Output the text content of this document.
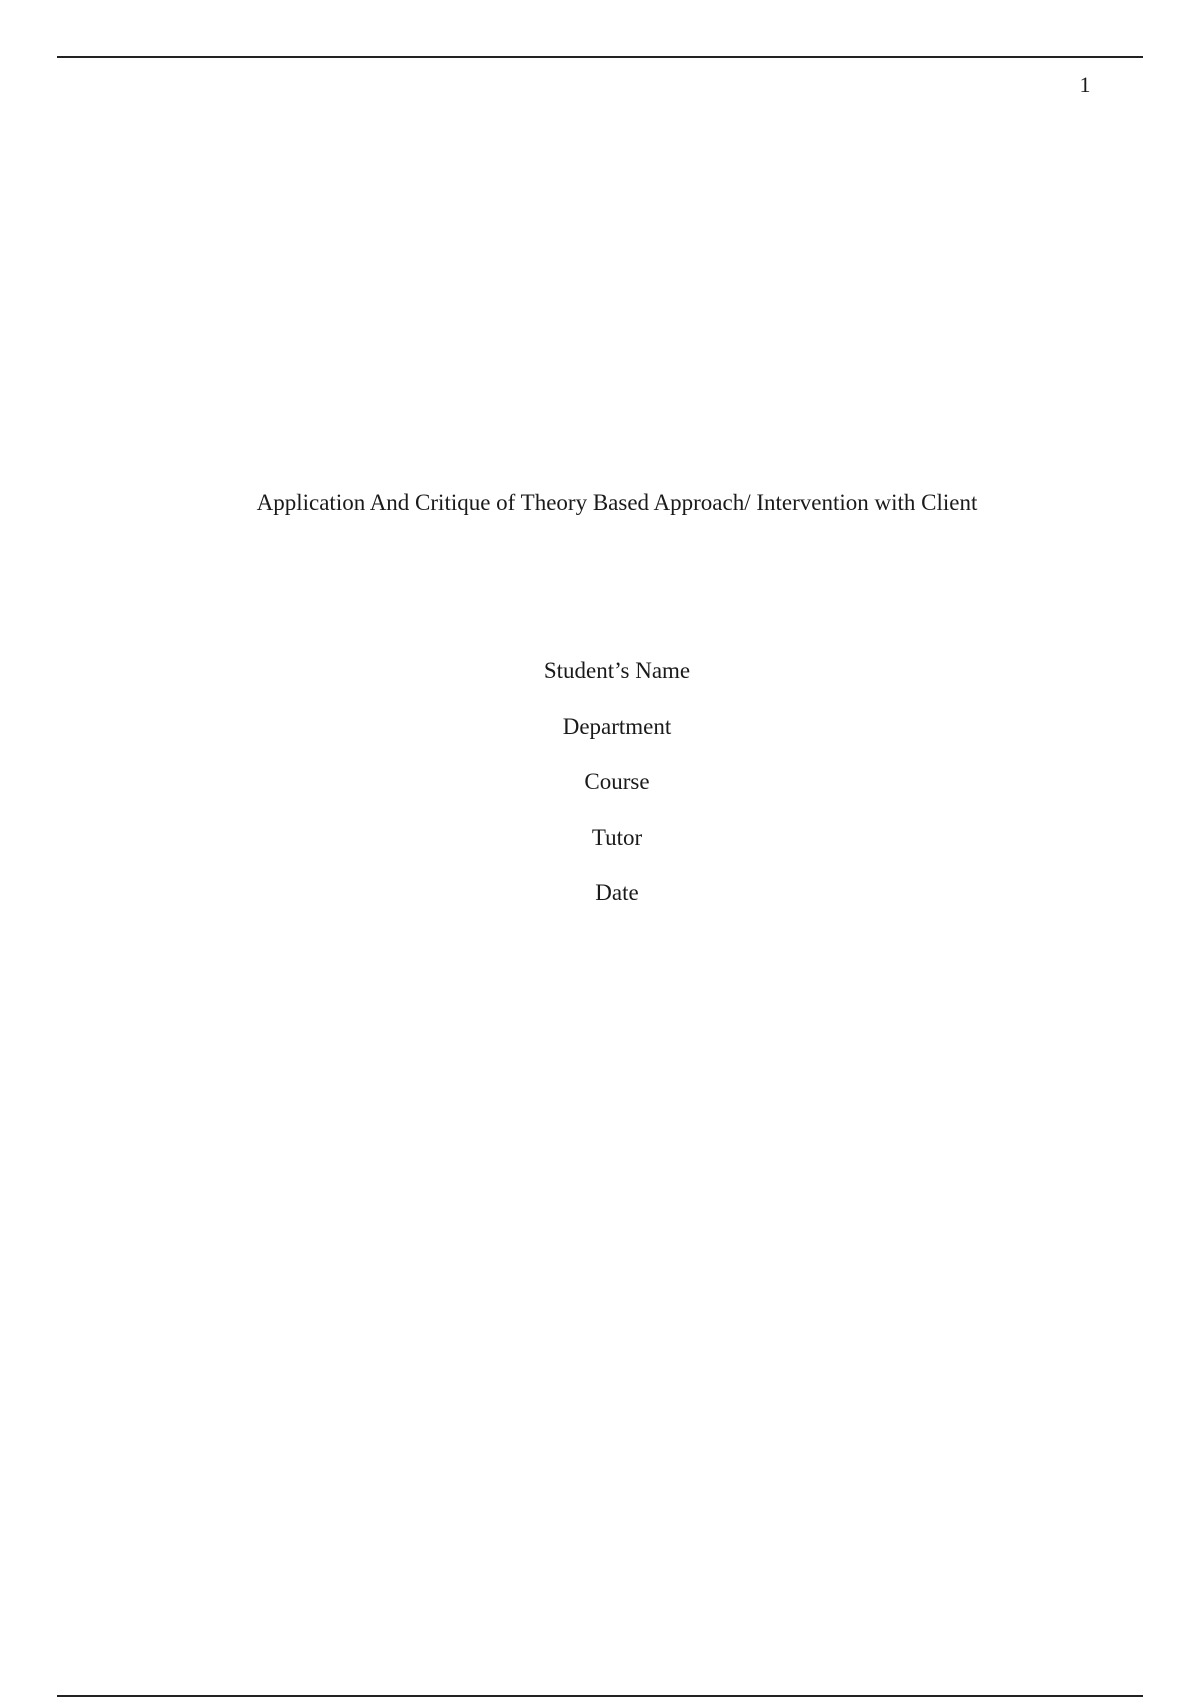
1
Application And Critique of Theory Based Approach/ Intervention with Client
Student’s Name
Department
Course
Tutor
Date
